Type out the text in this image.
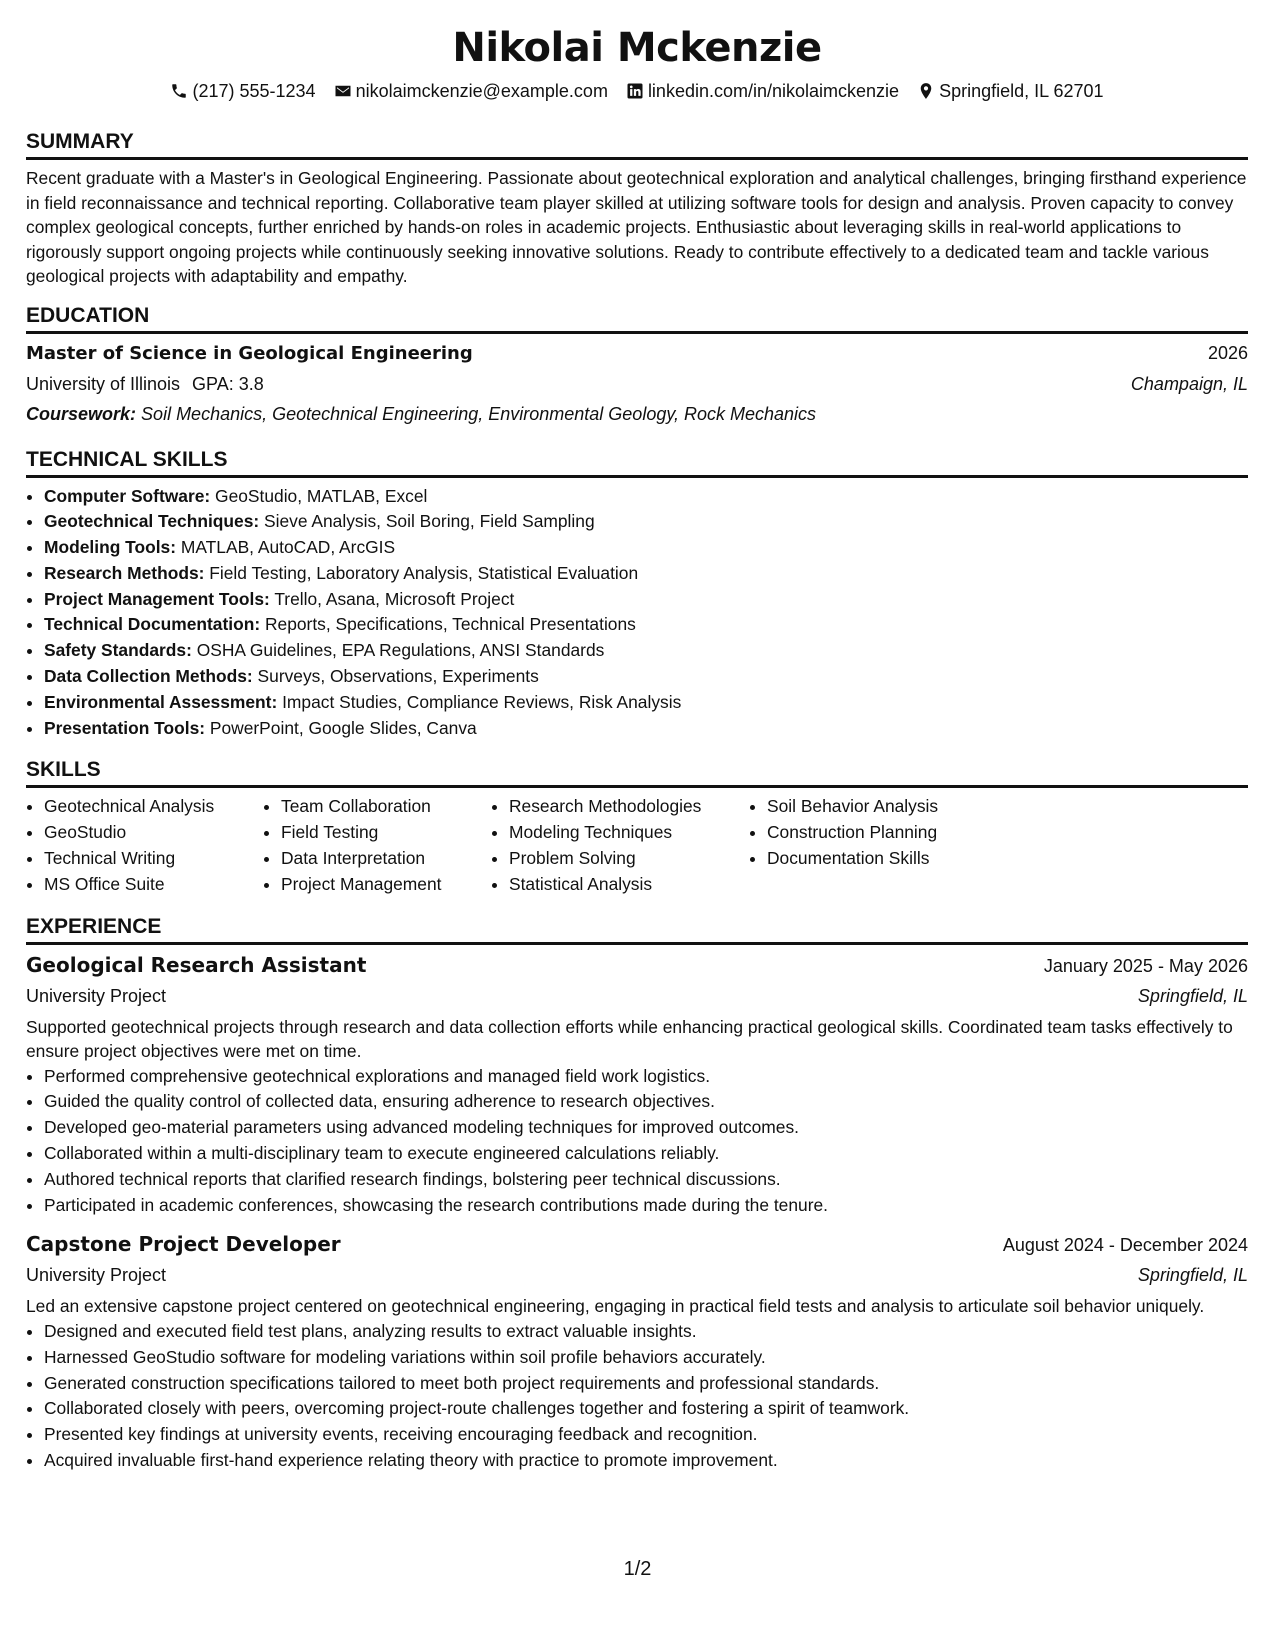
Nikolai Mckenzie
(217) 555-1234 nikolaimckenzie@example.com linkedin.com/in/nikolaimckenzie Springfield, IL 62701
SUMMARY

Recent graduate with a Master's in Geological Engineering. Passionate about geotechnical exploration and analytical challenges, bringing firsthand experience in field reconnaissance and technical reporting. Collaborative team player skilled at utilizing software tools for design and analysis. Proven capacity to convey complex geological concepts, further enriched by hands-on roles in academic projects. Enthusiastic about leveraging skills in real-world applications to rigorously support ongoing projects while continuously seeking innovative solutions. Ready to contribute effectively to a dedicated team and tackle various geological projects with adaptability and empathy.

EDUCATION
Master of Science in Geological Engineering	2026
University of Illinois GPA: 3.8	Champaign, IL
Coursework: Soil Mechanics, Geotechnical Engineering, Environmental Geology, Rock Mechanics
TECHNICAL SKILLS
• Computer Software: GeoStudio, MATLAB, Excel
• Geotechnical Techniques: Sieve Analysis, Soil Boring, Field Sampling
• Modeling Tools: MATLAB, AutoCAD, ArcGIS
• Research Methods: Field Testing, Laboratory Analysis, Statistical Evaluation
• Project Management Tools: Trello, Asana, Microsoft Project
• Technical Documentation: Reports, Specifications, Technical Presentations
• Safety Standards: OSHA Guidelines, EPA Regulations, ANSI Standards
• Data Collection Methods: Surveys, Observations, Experiments
• Environmental Assessment: Impact Studies, Compliance Reviews, Risk Analysis
• Presentation Tools: PowerPoint, Google Slides, Canva
SKILLS
• Geotechnical Analysis
• GeoStudio
• Technical Writing
• MS Office Suite
• Team Collaboration
• Field Testing
• Data Interpretation
• Project Management
• Research Methodologies
• Modeling Techniques
• Problem Solving
• Statistical Analysis
• Soil Behavior Analysis
• Construction Planning
• Documentation Skills
EXPERIENCE
Geological Research Assistant	January 2025 - May 2026
University Project	Springfield, IL

Supported geotechnical projects through research and data collection efforts while enhancing practical geological skills. Coordinated team tasks effectively to ensure project objectives were met on time.

• Performed comprehensive geotechnical explorations and managed field work logistics.
• Guided the quality control of collected data, ensuring adherence to research objectives.
• Developed geo-material parameters using advanced modeling techniques for improved outcomes.
• Collaborated within a multi-disciplinary team to execute engineered calculations reliably.
• Authored technical reports that clarified research findings, bolstering peer technical discussions.
• Participated in academic conferences, showcasing the research contributions made during the tenure.
Capstone Project Developer	August 2024 - December 2024
University Project	Springfield, IL

Led an extensive capstone project centered on geotechnical engineering, engaging in practical field tests and analysis to articulate soil behavior uniquely.

• Designed and executed field test plans, analyzing results to extract valuable insights.
• Harnessed GeoStudio software for modeling variations within soil profile behaviors accurately.
• Generated construction specifications tailored to meet both project requirements and professional standards.
• Collaborated closely with peers, overcoming project-route challenges together and fostering a spirit of teamwork.
• Presented key findings at university events, receiving encouraging feedback and recognition.
• Acquired invaluable first-hand experience relating theory with practice to promote improvement.
1/2
